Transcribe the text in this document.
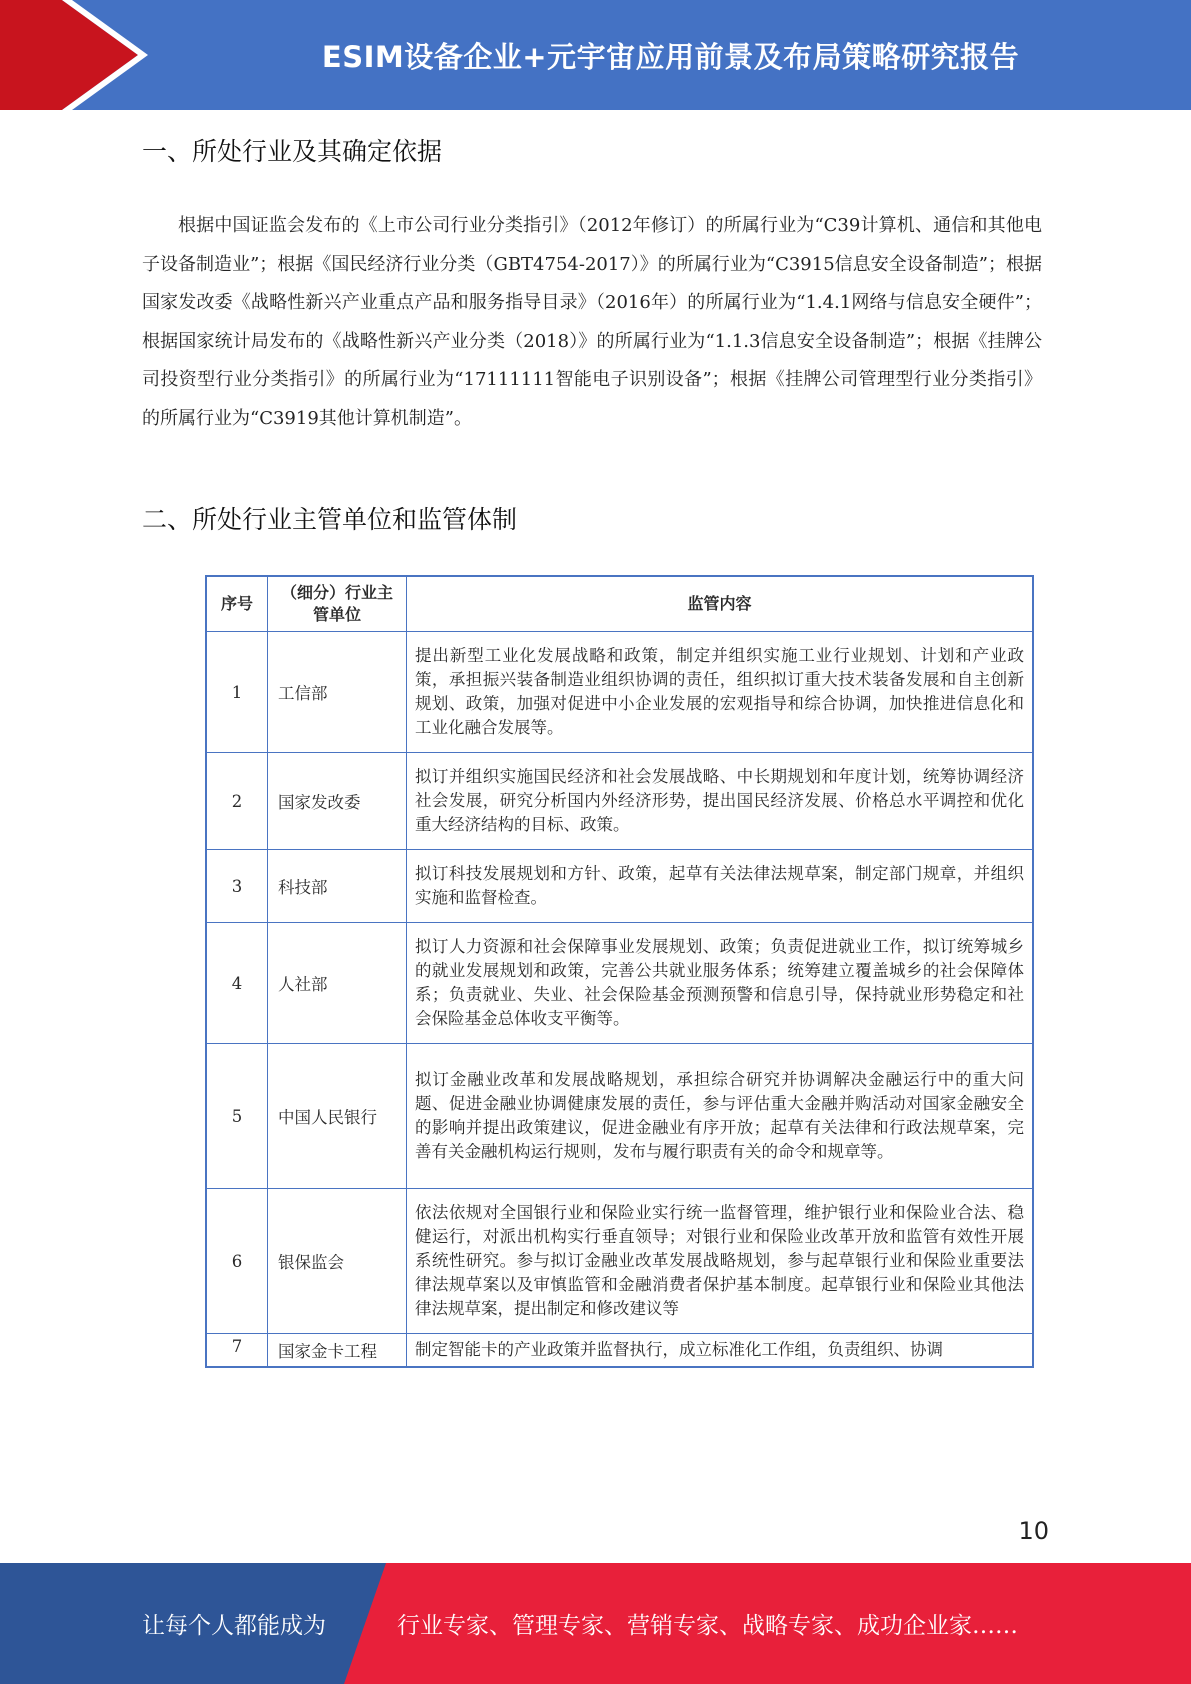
ESIM设备企业+元宇宙应用前景及布局策略研究报告
一、所处行业及其确定依据

根据中国证监会发布的《上市公司行业分类指引》（2012年修订）的所属行业为“C39计算机、通信和其他电子设备制造业”；根据《国民经济行业分类（GBT4754-2017）》的所属行业为“C3915信息安全设备制造”；根据国家发改委《战略性新兴产业重点产品和服务指导目录》（2016年）的所属行业为“1.4.1网络与信息安全硬件”；根据国家统计局发布的《战略性新兴产业分类（2018）》的所属行业为“1.1.3信息安全设备制造”；根据《挂牌公司投资型行业分类指引》的所属行业为“17111111智能电子识别设备”；根据《挂牌公司管理型行业分类指引》的所属行业为“C3919其他计算机制造”。

二、所处行业主管单位和监管体制
序号	（细分）行业主管单位	监管内容
1	工信部	提出新型工业化发展战略和政策，制定并组织实施工业行业规划、计划和产业政策，承担振兴装备制造业组织协调的责任，组织拟订重大技术装备发展和自主创新规划、政策，加强对促进中小企业发展的宏观指导和综合协调，加快推进信息化和工业化融合发展等。
2	国家发改委	拟订并组织实施国民经济和社会发展战略、中长期规划和年度计划，统筹协调经济社会发展，研究分析国内外经济形势，提出国民经济发展、价格总水平调控和优化重大经济结构的目标、政策。
3	科技部	拟订科技发展规划和方针、政策，起草有关法律法规草案，制定部门规章，并组织实施和监督检查。
4	人社部	拟订人力资源和社会保障事业发展规划、政策；负责促进就业工作，拟订统筹城乡的就业发展规划和政策，完善公共就业服务体系；统筹建立覆盖城乡的社会保障体系；负责就业、失业、社会保险基金预测预警和信息引导，保持就业形势稳定和社会保险基金总体收支平衡等。
5	中国人民银行	拟订金融业改革和发展战略规划，承担综合研究并协调解决金融运行中的重大问题、促进金融业协调健康发展的责任，参与评估重大金融并购活动对国家金融安全的影响并提出政策建议，促进金融业有序开放；起草有关法律和行政法规草案，完善有关金融机构运行规则，发布与履行职责有关的命令和规章等。
6	银保监会	依法依规对全国银行业和保险业实行统一监督管理，维护银行业和保险业合法、稳健运行，对派出机构实行垂直领导；对银行业和保险业改革开放和监管有效性开展系统性研究。参与拟订金融业改革发展战略规划，参与起草银行业和保险业重要法律法规草案以及审慎监管和金融消费者保护基本制度。起草银行业和保险业其他法律法规草案，提出制定和修改建议等
7	国家金卡工程	制定智能卡的产业政策并监督执行，成立标准化工作组，负责组织、协调
10
让每个人都能成为	行业专家、管理专家、营销专家、战略专家、成功企业家……
